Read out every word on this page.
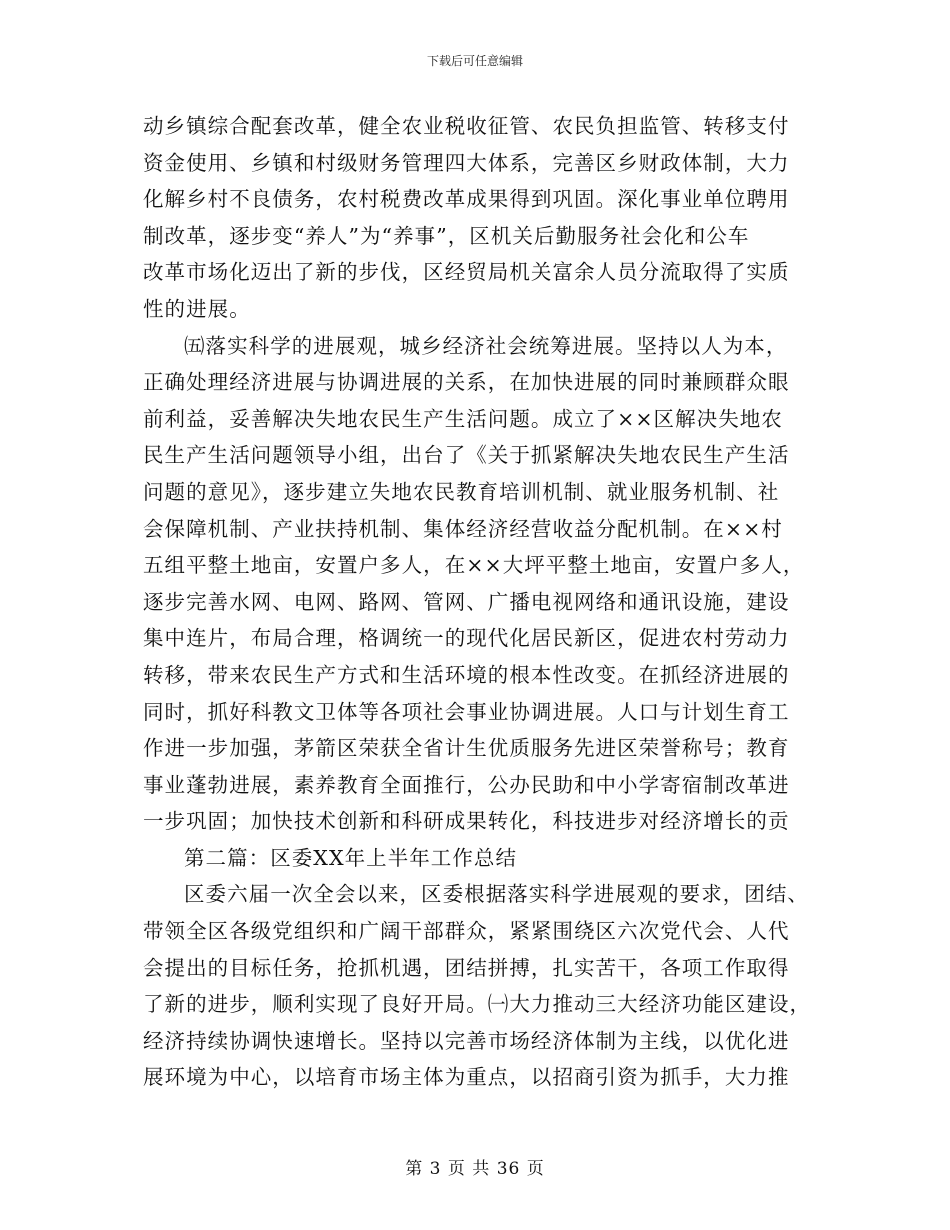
下载后可任意编辑
动乡镇综合配套改革，健全农业税收征管、农民负担监管、转移支付
资金使用、乡镇和村级财务管理四大体系，完善区乡财政体制，大力
化解乡村不良债务，农村税费改革成果得到巩固。深化事业单位聘用
制改革，逐步变“养人”为“养事”，区机关后勤服务社会化和公车
改革市场化迈出了新的步伐，区经贸局机关富余人员分流取得了实质
性的进展。
㈤落实科学的进展观，城乡经济社会统筹进展。坚持以人为本，
正确处理经济进展与协调进展的关系，在加快进展的同时兼顾群众眼
前利益，妥善解决失地农民生产生活问题。成立了××区解决失地农
民生产生活问题领导小组，出台了《关于抓紧解决失地农民生产生活
问题的意见》，逐步建立失地农民教育培训机制、就业服务机制、社
会保障机制、产业扶持机制、集体经济经营收益分配机制。在××村
五组平整土地亩，安置户多人，在××大坪平整土地亩，安置户多人，
逐步完善水网、电网、路网、管网、广播电视网络和通讯设施，建设
集中连片，布局合理，格调统一的现代化居民新区，促进农村劳动力
转移，带来农民生产方式和生活环境的根本性改变。在抓经济进展的
同时，抓好科教文卫体等各项社会事业协调进展。人口与计划生育工
作进一步加强，茅箭区荣获全省计生优质服务先进区荣誉称号；教育
事业蓬勃进展，素养教育全面推行，公办民助和中小学寄宿制改革进
一步巩固；加快技术创新和科研成果转化，科技进步对经济增长的贡
第二篇：区委XX年上半年工作总结
区委六届一次全会以来，区委根据落实科学进展观的要求，团结、
带领全区各级党组织和广阔干部群众，紧紧围绕区六次党代会、人代
会提出的目标任务，抢抓机遇，团结拼搏，扎实苦干，各项工作取得
了新的进步，顺利实现了良好开局。㈠大力推动三大经济功能区建设，
经济持续协调快速增长。坚持以完善市场经济体制为主线，以优化进
展环境为中心，以培育市场主体为重点，以招商引资为抓手，大力推
第 3 页 共 36 页
